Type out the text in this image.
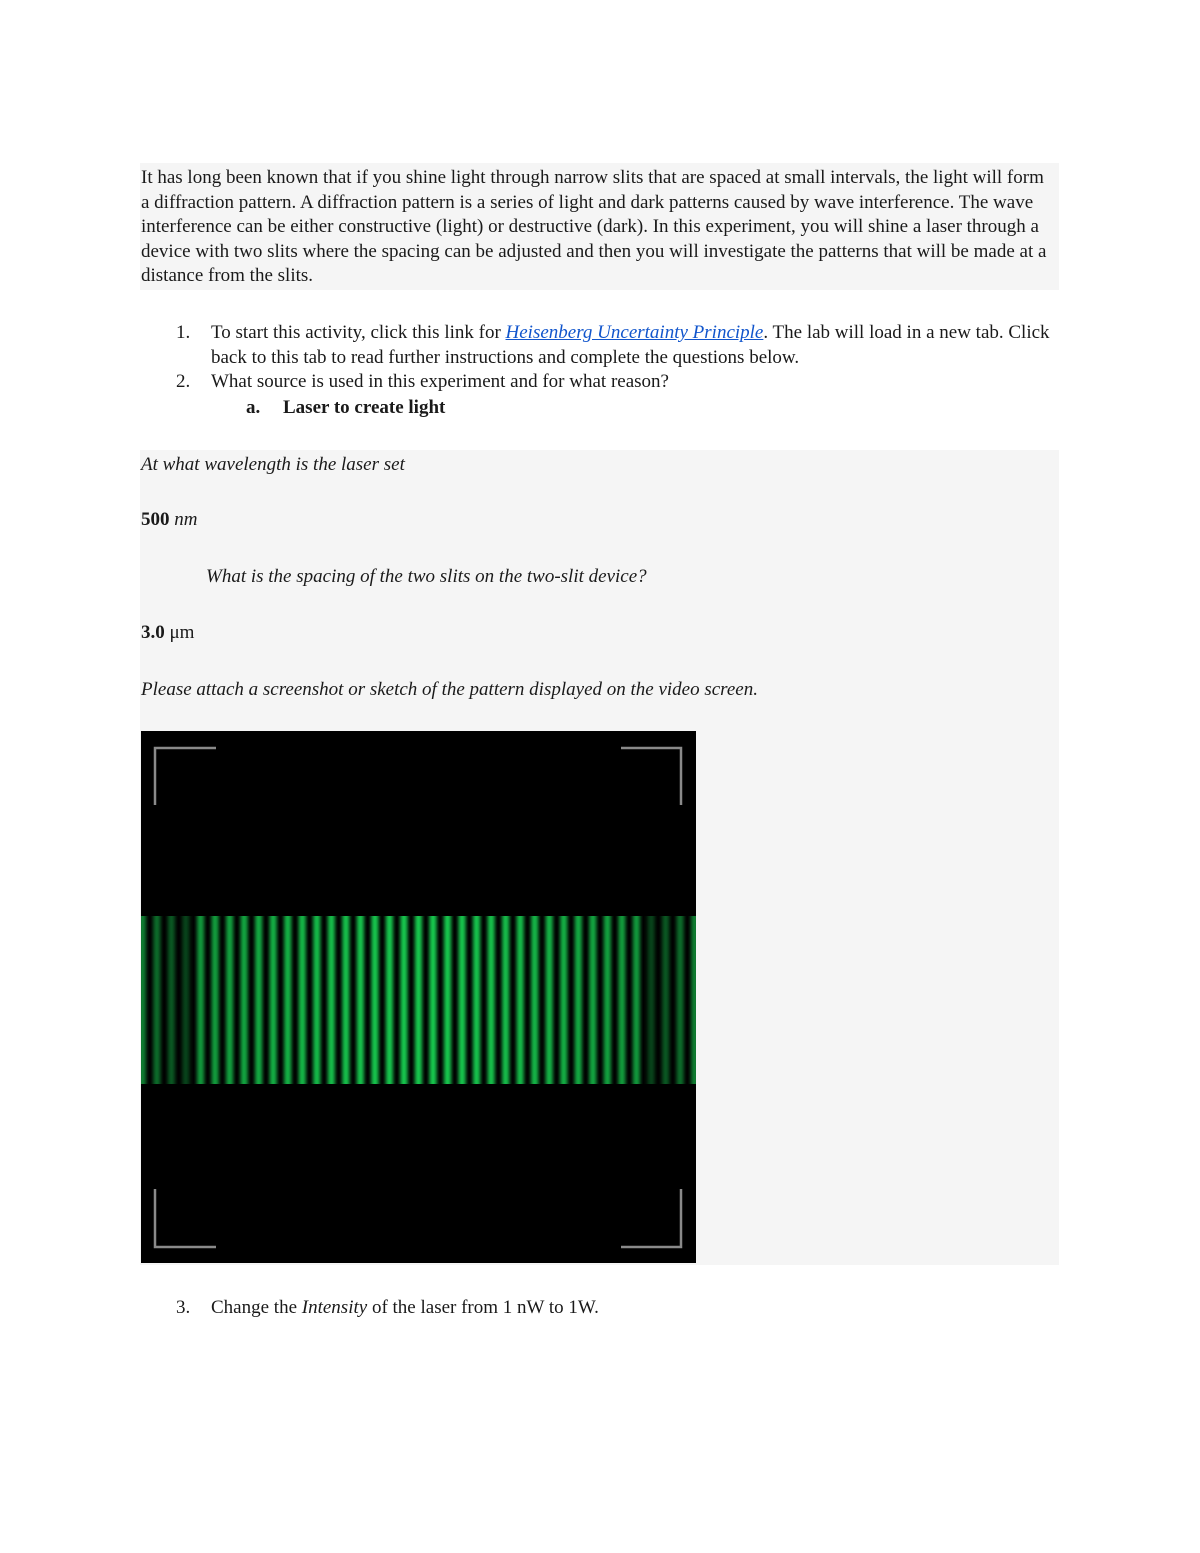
It has long been known that if you shine light through narrow slits that are spaced at small intervals, the light will form a diffraction pattern. A diffraction pattern is a series of light and dark patterns caused by wave interference. The wave interference can be either constructive (light) or destructive (dark). In this experiment, you will shine a laser through a device with two slits where the spacing can be adjusted and then you will investigate the patterns that will be made at a distance from the slits.

1.	To start this activity, click this link for Heisenberg Uncertainty Principle. The lab will load in a new tab. Click back to this tab to read further instructions and complete the questions below.
2.	What source is used in this experiment and for what reason?
a. Laser to create light
At what wavelength is the laser set
500 nm
What is the spacing of the two slits on the two-slit device?
3.0 μm
Please attach a screenshot or sketch of the pattern displayed on the video screen.
3.	Change the Intensity of the laser from 1 nW to 1W.
